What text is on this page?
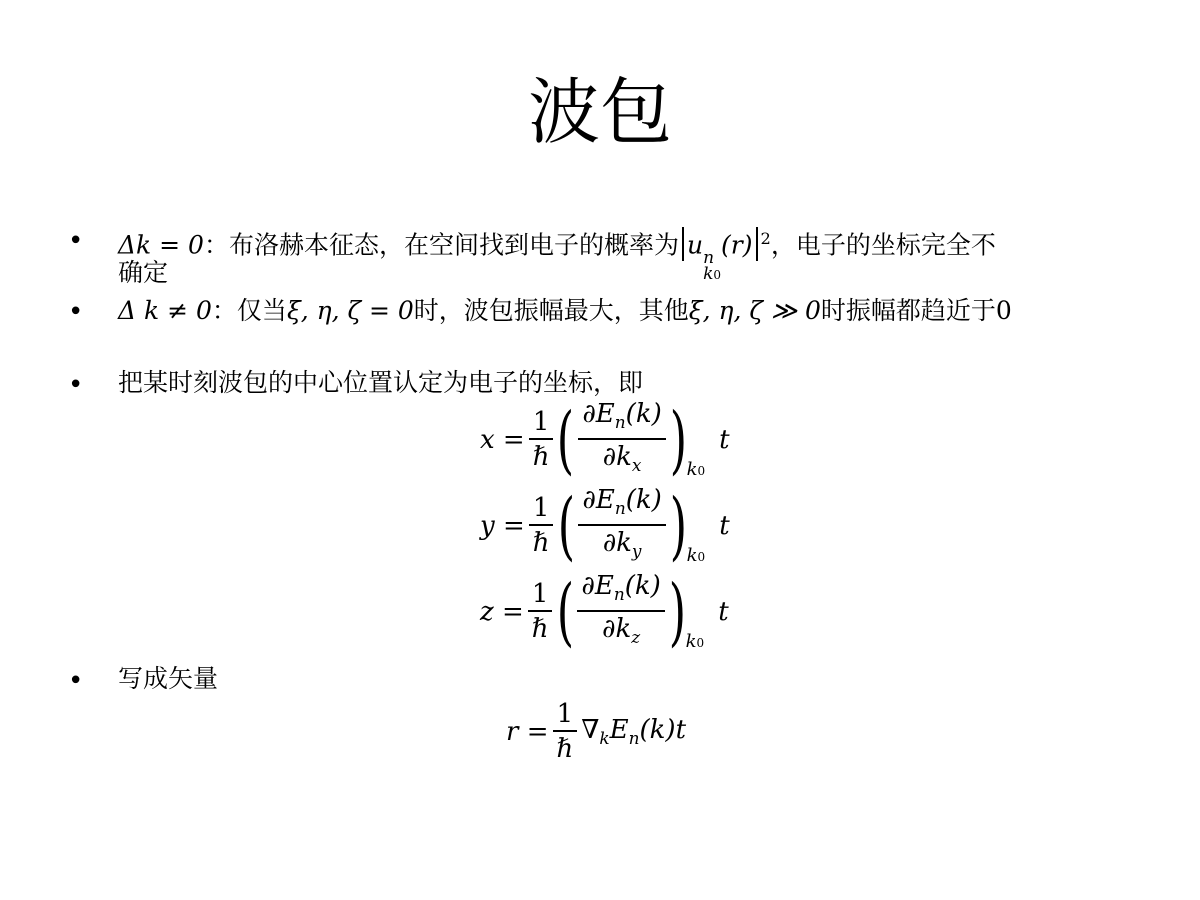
波包
• Δk = 0：布洛赫本征态，在空间找到电子的概率为 u n
k0
(r) $^2$，电子的坐标完全不
确定
• Δ k ≠ 0：仅当ξ, η, ζ = 0时，波包振幅最大，其他ξ, η, ζ ≫ 0时振幅都趋近于0
• 把某时刻波包的中心位置认定为电子的坐标，即
$x = \frac{1}{\text{ℏ}}$ ( $\frac{\partial E_n(k)}{\partial k_x}$ ) k0
t
$y = \frac{1}{\text{ℏ}}$ ( $\frac{\partial E_n(k)}{\partial k_y}$ ) k0
t
$z = \frac{1}{\text{ℏ}}$ ( $\frac{\partial E_n(k)}{\partial k_z}$ ) k0
t
• 写成矢量
$r = \frac{1}{\text{ℏ}} \nabla_k$ $E_n(k)t$
